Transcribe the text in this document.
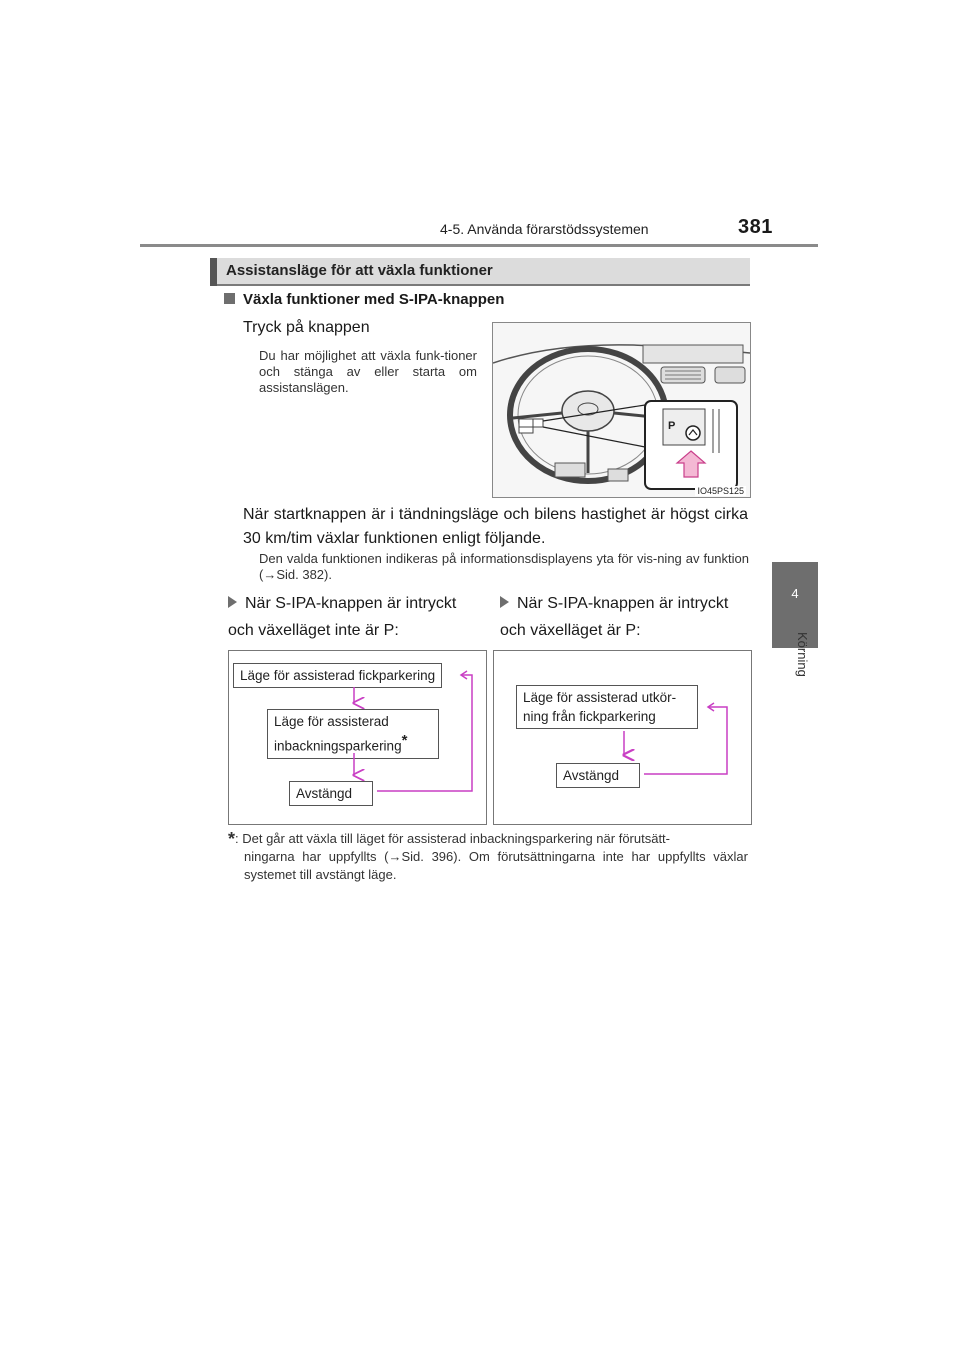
4-5. Använda förarstödssystemen	381
4
Körning
Assistansläge för att växla funktioner
Växla funktioner med S-IPA-knappen
Tryck på knappen
Du har möjlighet att växla funk-tioner och stänga av eller starta om assistanslägen.
P
IO45PS125
När startknappen är i tändningsläge och bilens hastighet är högst cirka 30 km/tim växlar funktionen enligt följande.
Den valda funktionen indikeras på informationsdisplayens yta för vis-ning av funktion (→Sid. 382).
När S-IPA-knappen är intryckt
och växelläget inte är P:
När S-IPA-knappen är intryckt
och växelläget är P:
Läge för assisterad fickparkering
Läge för assisterad
inbackningsparkering*
Avstängd
Läge för assisterad utkör-
ning från fickparkering
Avstängd
*: Det går att växla till läget för assisterad inbackningsparkering när förutsätt-
ningarna har uppfyllts (→Sid. 396). Om förutsättningarna inte har uppfyllts växlar systemet till avstängt läge.
